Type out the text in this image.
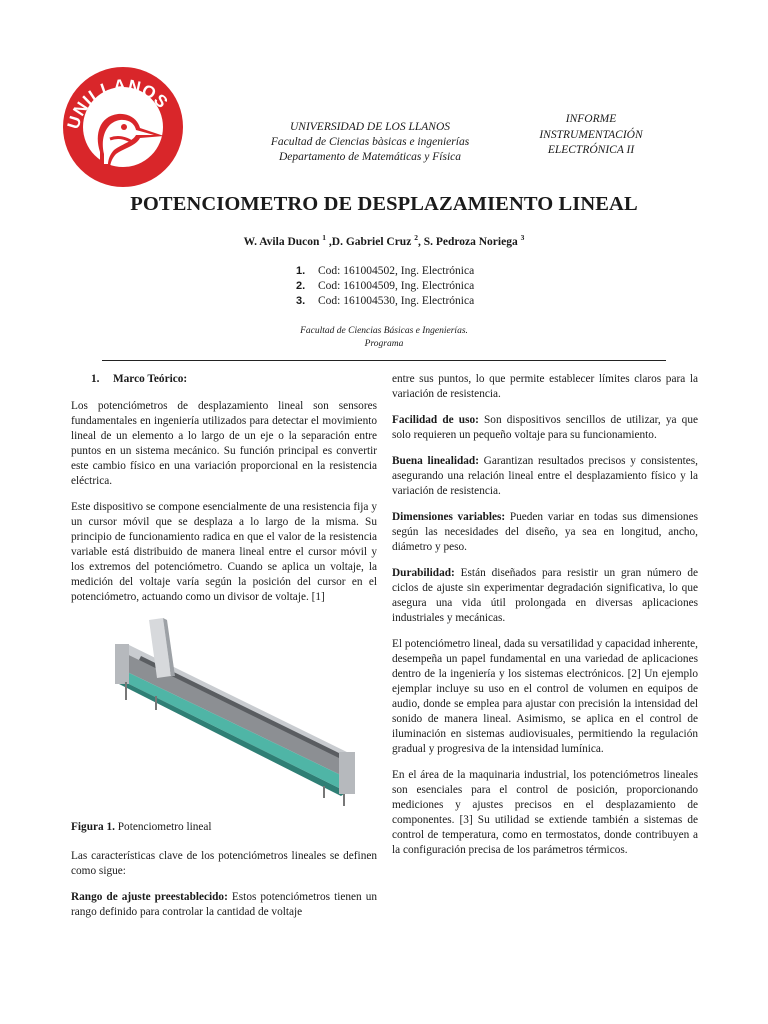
UNILLANOS
UNIVERSIDAD DE LOS LLANOS
Facultad de Ciencias bàsicas e ingenierías
Departamento de Matemáticas y Física
INFORME
INSTRUMENTACIÓN
ELECTRÓNICA II
POTENCIOMETRO DE DESPLAZAMIENTO LINEAL
W. Avila Ducon $^1$ ,D. Gabriel Cruz $^2$, S. Pedroza Noriega $^3$
1.	Cod: 161004502, Ing. Electrónica
2.	Cod: 161004509, Ing. Electrónica
3.	Cod: 161004530, Ing. Electrónica
Facultad de Ciencias Básicas e Ingenierías.
Programa

1. Marco Teórico:

Los potenciómetros de desplazamiento lineal son sensores fundamentales en ingeniería utilizados para detectar el movimiento lineal de un elemento a lo largo de un eje o la separación entre puntos en un sistema mecánico. Su función principal es convertir este cambio físico en una variación proporcional en la resistencia eléctrica.

Este dispositivo se compone esencialmente de una resistencia fija y un cursor móvil que se desplaza a lo largo de la misma. Su principio de funcionamiento radica en que el valor de la resistencia variable está distribuido de manera lineal entre el cursor móvil y los extremos del potenciómetro. Cuando se aplica un voltaje, la medición del voltaje varía según la posición del cursor en el potenciómetro, actuando como un divisor de voltaje. [1]

Figura 1. Potenciometro lineal

Las características clave de los potenciómetros lineales se definen como sigue:

Rango de ajuste preestablecido: Estos potenciómetros tienen un rango definido para controlar la cantidad de voltaje

entre sus puntos, lo que permite establecer límites claros para la variación de resistencia.

Facilidad de uso: Son dispositivos sencillos de utilizar, ya que solo requieren un pequeño voltaje para su funcionamiento.

Buena linealidad: Garantizan resultados precisos y consistentes, asegurando una relación lineal entre el desplazamiento físico y la variación de resistencia.

Dimensiones variables: Pueden variar en todas sus dimensiones según las necesidades del diseño, ya sea en longitud, ancho, diámetro y peso.

Durabilidad: Están diseñados para resistir un gran número de ciclos de ajuste sin experimentar degradación significativa, lo que asegura una vida útil prolongada en diversas aplicaciones industriales y mecánicas.

El potenciómetro lineal, dada su versatilidad y capacidad inherente, desempeña un papel fundamental en una variedad de aplicaciones dentro de la ingeniería y los sistemas electrónicos. [2] Un ejemplo ejemplar incluye su uso en el control de volumen en equipos de audio, donde se emplea para ajustar con precisión la intensidad del sonido de manera lineal. Asimismo, se aplica en el control de iluminación en sistemas audiovisuales, permitiendo la regulación gradual y progresiva de la intensidad lumínica.

En el área de la maquinaria industrial, los potenciómetros lineales son esenciales para el control de posición, proporcionando mediciones y ajustes precisos en el desplazamiento de componentes. [3] Su utilidad se extiende también a sistemas de control de temperatura, como en termostatos, donde contribuyen a la configuración precisa de los parámetros térmicos.
